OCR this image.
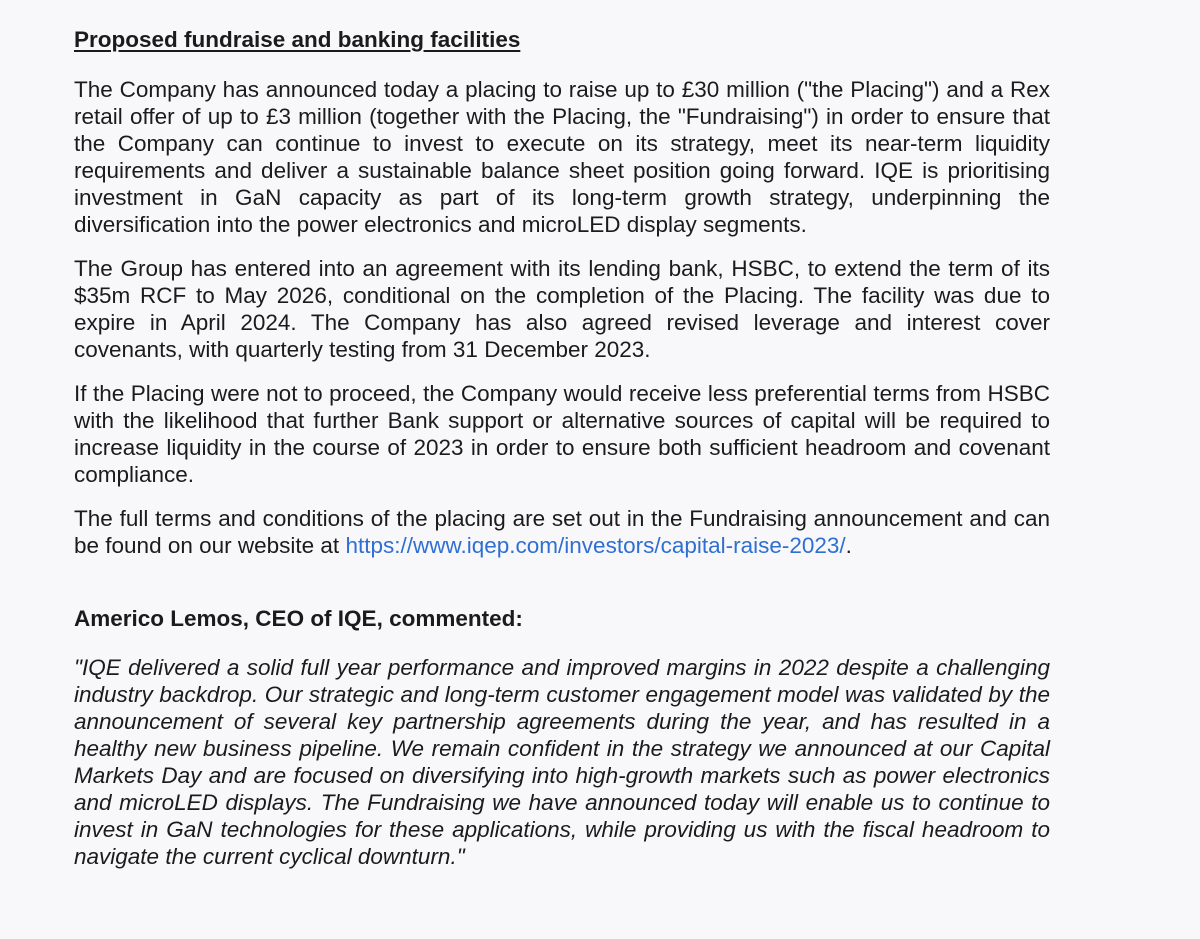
Proposed fundraise and banking facilities

The Company has announced today a placing to raise up to £30 million ("the Placing") and a Rex retail offer of up to £3 million (together with the Placing, the "Fundraising") in order to ensure that the Company can continue to invest to execute on its strategy, meet its near-term liquidity requirements and deliver a sustainable balance sheet position going forward. IQE is prioritising investment in GaN capacity as part of its long-term growth strategy, underpinning the diversification into the power electronics and microLED display segments.

The Group has entered into an agreement with its lending bank, HSBC, to extend the term of its $35m RCF to May 2026, conditional on the completion of the Placing. The facility was due to expire in April 2024. The Company has also agreed revised leverage and interest cover covenants, with quarterly testing from 31 December 2023.

If the Placing were not to proceed, the Company would receive less preferential terms from HSBC with the likelihood that further Bank support or alternative sources of capital will be required to increase liquidity in the course of 2023 in order to ensure both sufficient headroom and covenant compliance.

The full terms and conditions of the placing are set out in the Fundraising announcement and can be found on our website at https://www.iqep.com/investors/capital-raise-2023/.

Americo Lemos, CEO of IQE, commented:

"IQE delivered a solid full year performance and improved margins in 2022 despite a challenging industry backdrop. Our strategic and long-term customer engagement model was validated by the announcement of several key partnership agreements during the year, and has resulted in a healthy new business pipeline. We remain confident in the strategy we announced at our Capital Markets Day and are focused on diversifying into high-growth markets such as power electronics and microLED displays. The Fundraising we have announced today will enable us to continue to invest in GaN technologies for these applications, while providing us with the fiscal headroom to navigate the current cyclical downturn."
